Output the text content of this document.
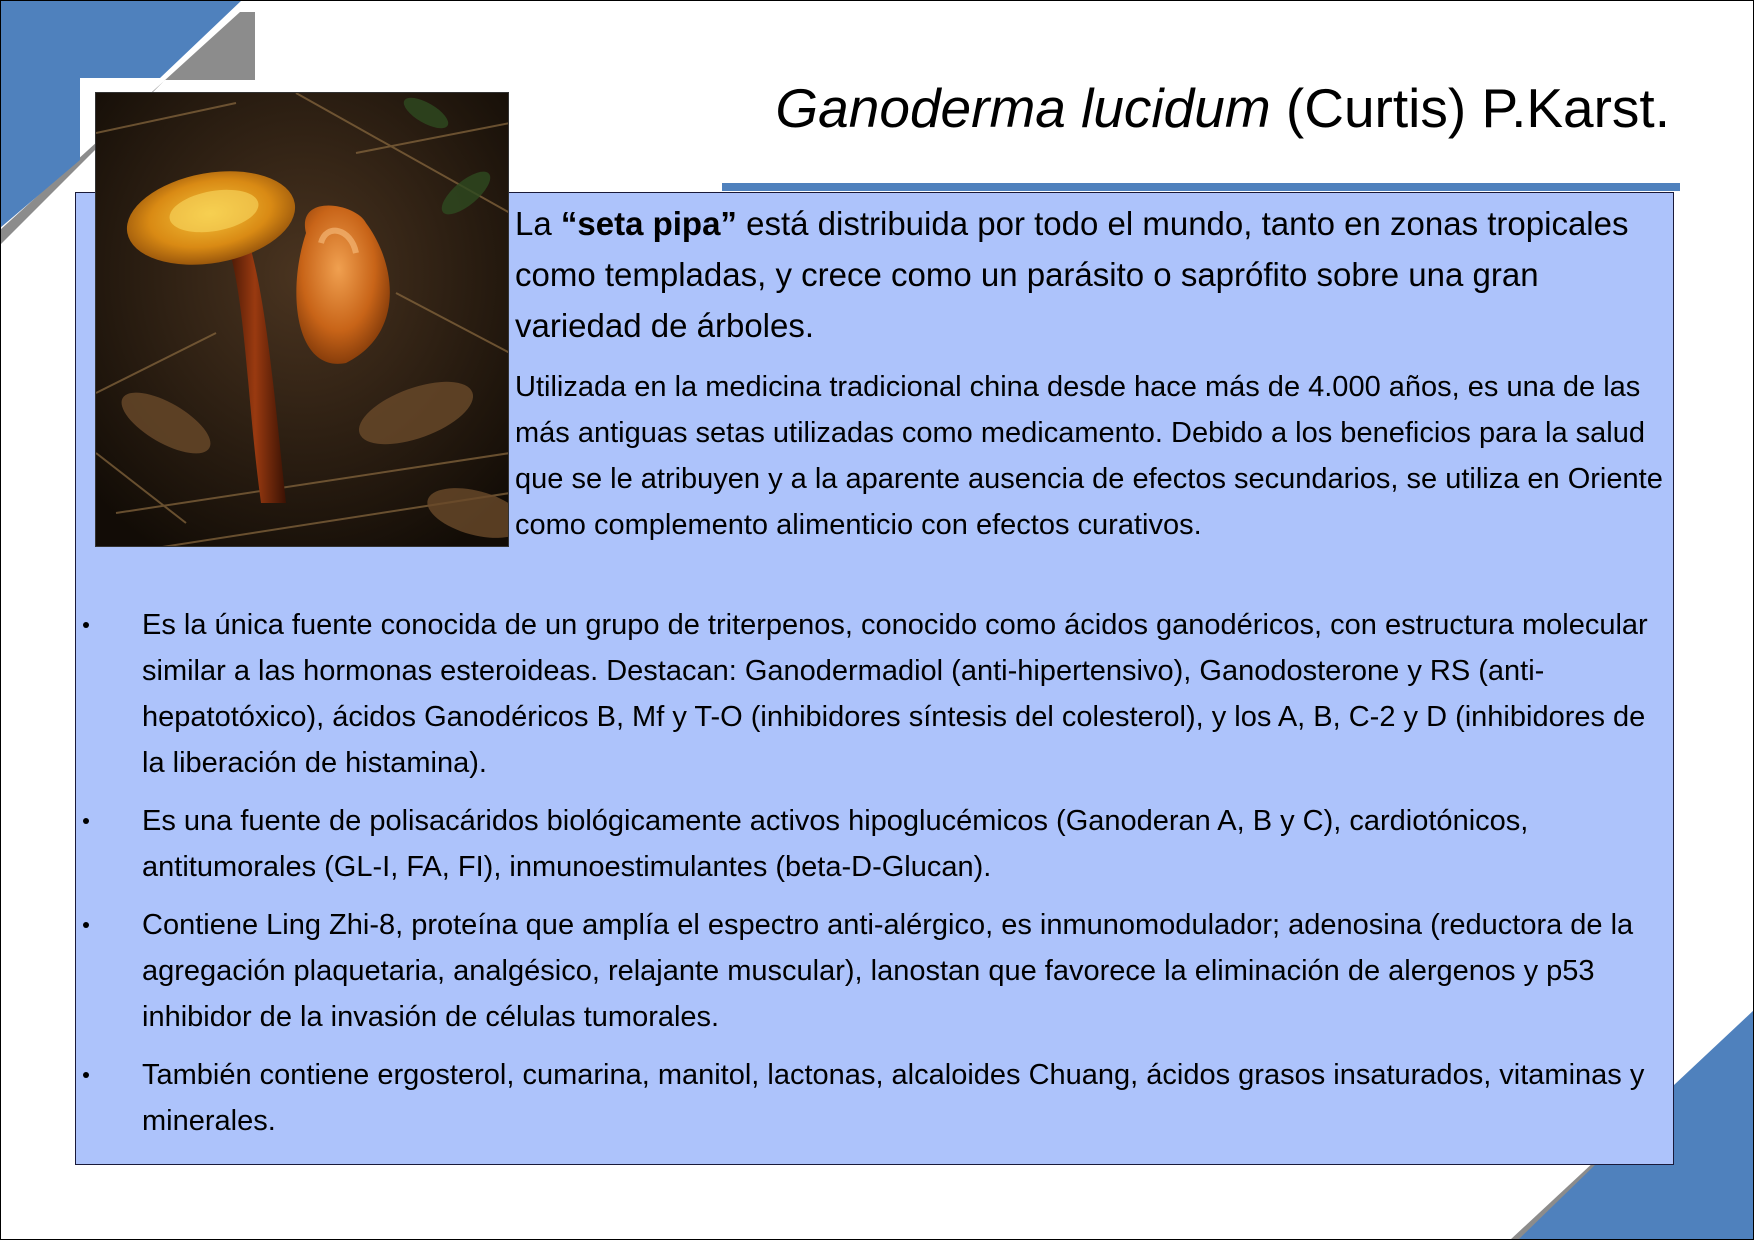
Ganoderma lucidum (Curtis) P.Karst.

La “seta pipa” está distribuida por todo el mundo, tanto en zonas tropicales como templadas, y crece como un parásito o saprófito sobre una gran variedad de árboles.

Utilizada en la medicina tradicional china desde hace más de 4.000 años, es una de las más antiguas setas utilizadas como medicamento. Debido a los beneficios para la salud que se le atribuyen y a la aparente ausencia de efectos secundarios, se utiliza en Oriente como complemento alimenticio con efectos curativos.

Es la única fuente conocida de un grupo de triterpenos, conocido como ácidos ganodéricos, con estructura molecular similar a las hormonas esteroideas. Destacan: Ganodermadiol (anti-hipertensivo), Ganodosterone y RS (anti-hepatotóxico), ácidos Ganodéricos B, Mf y T-O (inhibidores síntesis del colesterol), y los A, B, C-2 y D (inhibidores de la liberación de histamina).
Es una fuente de polisacáridos biológicamente activos hipoglucémicos (Ganoderan A, B y C), cardiotónicos, antitumorales (GL-I, FA, FI), inmunoestimulantes (beta-D-Glucan).
Contiene Ling Zhi-8, proteína que amplía el espectro anti-alérgico, es inmunomodulador; adenosina (reductora de la agregación plaquetaria, analgésico, relajante muscular), lanostan que favorece la eliminación de alergenos y p53 inhibidor de la invasión de células tumorales.
También contiene ergosterol, cumarina, manitol, lactonas, alcaloides Chuang, ácidos grasos insaturados, vitaminas y minerales.
